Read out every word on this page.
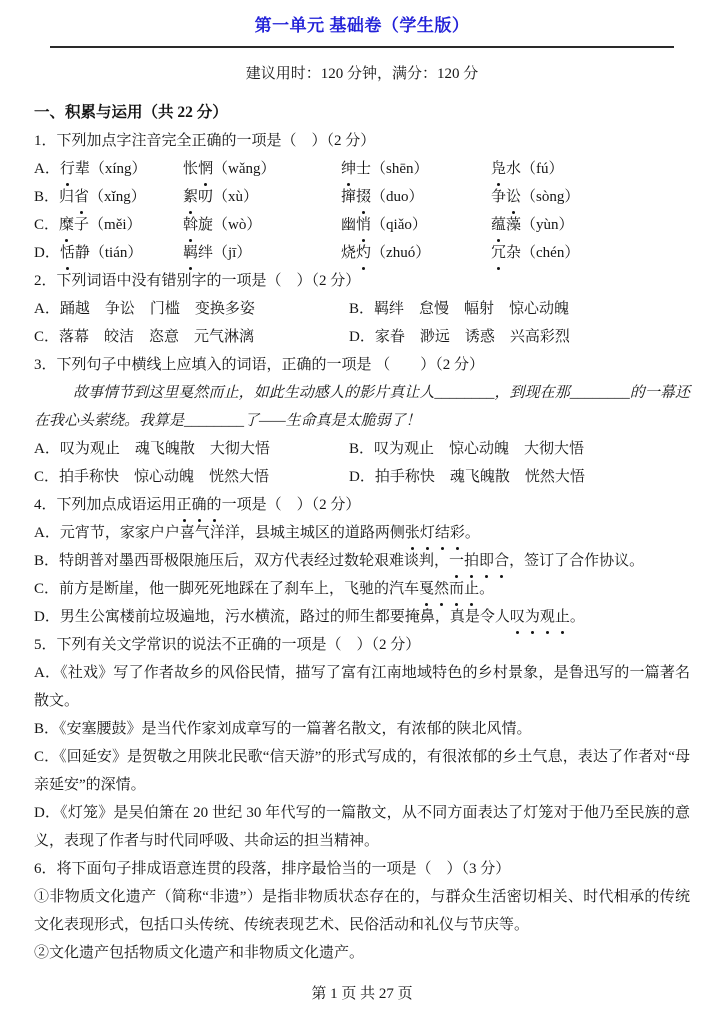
第一单元 基础卷（学生版）

建议用时：120 分钟，满分：120 分

一、积累与运用（共 22 分）

1．下列加点字注音完全正确的一项是（　）（2 分）

A．行辈（xíng）	怅惘（wǎng）	绅士（shēn）	凫水（fú）
B．归省（xǐng）	絮叨（xù）	撺掇（duo）	争讼（sòng）
C．糜子（měi）	斡旋（wò）	幽悄（qiǎo）	蕴藻（yùn）
D．恬静（tián）	羁绊（jī）	烧灼（zhuó）	冗杂（chén）

2．下列词语中没有错别字的一项是（　）（2 分）

A．踊越　争讼　门槛　变换多姿	B．羁绊　怠慢　幅射　惊心动魄
C．落幕　皎洁　恣意　元气淋漓	D．家眷　渺远　诱惑　兴高彩烈

3．下列句子中横线上应填入的词语，正确的一项是 （　　）（2 分）

故事情节到这里戛然而止，如此生动感人的影片真让人________，到现在那________的一幕还在我心头萦绕。我算是________了——生命真是太脆弱了！

A．叹为观止　魂飞魄散　大彻大悟	B．叹为观止　惊心动魄　大彻大悟
C．拍手称快　惊心动魄　恍然大悟	D．拍手称快　魂飞魄散　恍然大悟

4．下列加点成语运用正确的一项是（　）（2 分）

A．元宵节，家家户户喜气洋洋，县城主城区的道路两侧张灯结彩。

B．特朗普对墨西哥极限施压后，双方代表经过数轮艰难谈判，一拍即合，签订了合作协议。

C．前方是断崖，他一脚死死地踩在了刹车上，飞驰的汽车戛然而止。

D．男生公寓楼前垃圾遍地，污水横流，路过的师生都要掩鼻，真是令人叹为观止。

5．下列有关文学常识的说法不正确的一项是（　）（2 分）

A．《社戏》写了作者故乡的风俗民情，描写了富有江南地域特色的乡村景象，是鲁迅写的一篇著名散文。

B．《安塞腰鼓》是当代作家刘成章写的一篇著名散文，有浓郁的陕北风情。

C．《回延安》是贺敬之用陕北民歌“信天游”的形式写成的，有很浓郁的乡土气息，表达了作者对“母亲延安”的深情。

D．《灯笼》是吴伯箫在 20 世纪 30 年代写的一篇散文，从不同方面表达了灯笼对于他乃至民族的意义，表现了作者与时代同呼吸、共命运的担当精神。

6．将下面句子排成语意连贯的段落，排序最恰当的一项是（　）（3 分）

①非物质文化遗产（简称“非遗”）是指非物质状态存在的，与群众生活密切相关、时代相承的传统文化表现形式，包括口头传统、传统表现艺术、民俗活动和礼仪与节庆等。

②文化遗产包括物质文化遗产和非物质文化遗产。

第 1 页 共 27 页
